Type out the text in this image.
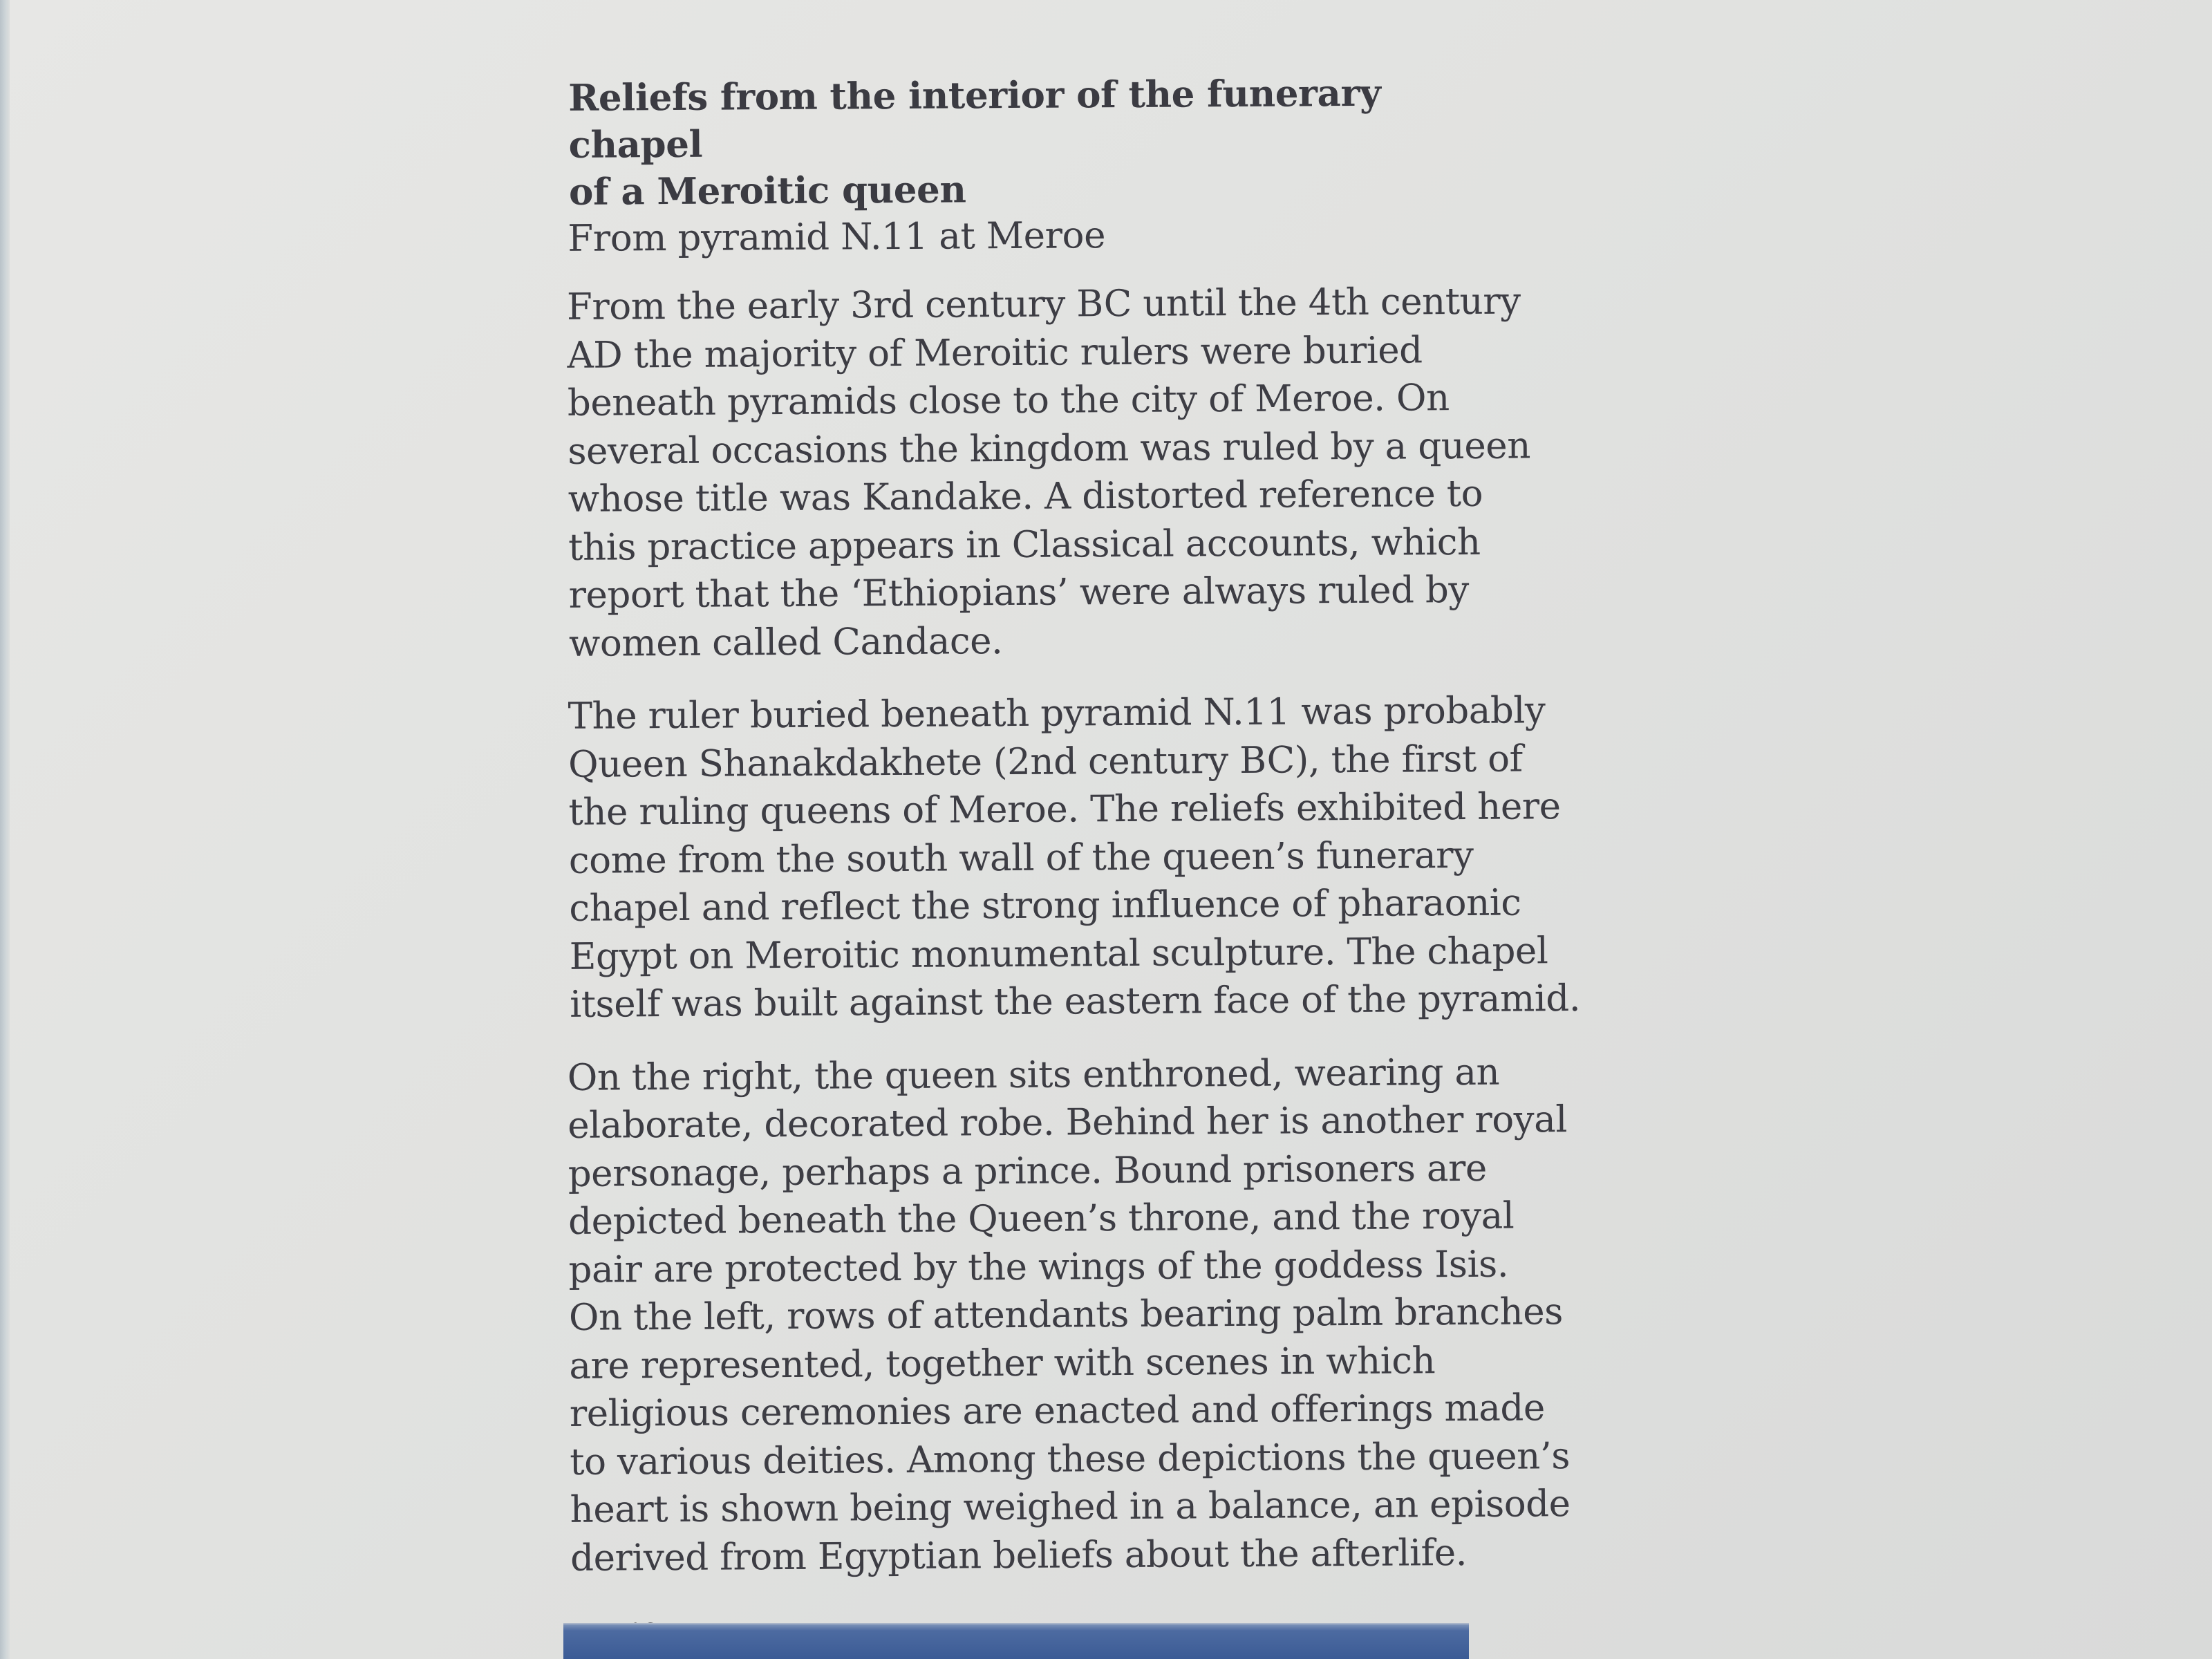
Reliefs from the interior of the funerary chapel
of a Meroitic queen
From pyramid N.11 at Meroe
From the early 3rd century BC until the 4th century
AD the majority of Meroitic rulers were buried
beneath pyramids close to the city of Meroe. On
several occasions the kingdom was ruled by a queen
whose title was Kandake. A distorted reference to
this practice appears in Classical accounts, which
report that the ‘Ethiopians’ were always ruled by
women called Candace.
The ruler buried beneath pyramid N.11 was probably
Queen Shanakdakhete (2nd century BC), the first of
the ruling queens of Meroe. The reliefs exhibited here
come from the south wall of the queen’s funerary
chapel and reflect the strong influence of pharaonic
Egypt on Meroitic monumental sculpture. The chapel
itself was built against the eastern face of the pyramid.
On the right, the queen sits enthroned, wearing an
elaborate, decorated robe. Behind her is another royal
personage, perhaps a prince. Bound prisoners are
depicted beneath the Queen’s throne, and the royal
pair are protected by the wings of the goddess Isis.
On the left, rows of attendants bearing palm branches
are represented, together with scenes in which
religious ceremonies are enacted and offerings made
to various deities. Among these depictions the queen’s
heart is shown being weighed in a balance, an episode
derived from Egyptian beliefs about the afterlife.
